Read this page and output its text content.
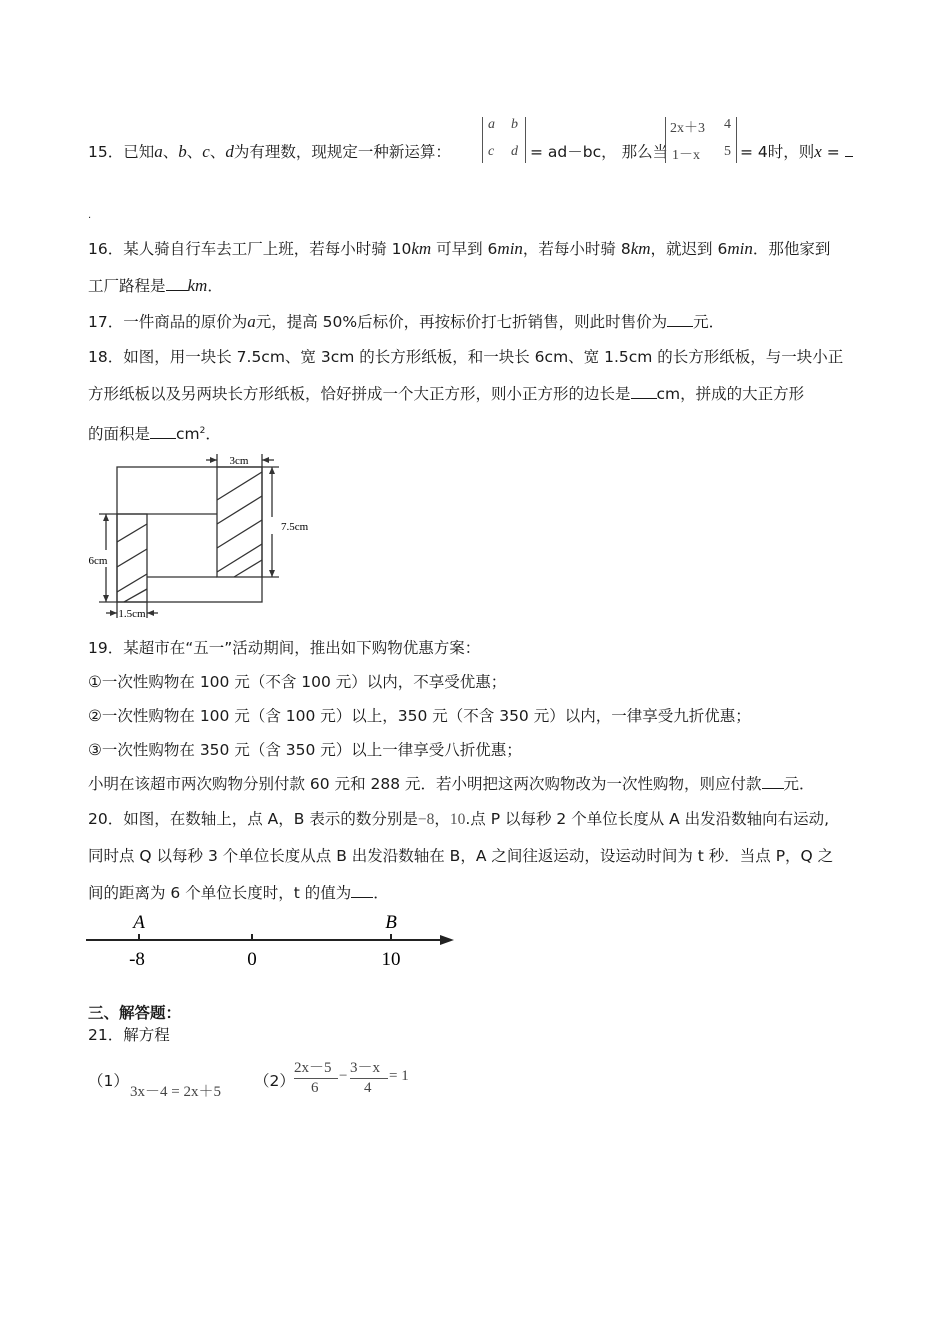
15．已知a、b、c、d为有理数，现规定一种新运算：
a b
c d = ad－bc， 那么当
2x＋3 4
1－x 5 = 4时，则x =
.
16．某人骑自行车去工厂上班，若每小时骑 10km 可早到 6min，若每小时骑 8km，就迟到 6min．那他家到
工厂路程是 km．
17．一件商品的原价为a元，提高 50%后标价，再按标价打七折销售，则此时售价为 元．
18．如图，用一块长 7.5cm、宽 3cm 的长方形纸板，和一块长 6cm、宽 1.5cm 的长方形纸板，与一块小正
方形纸板以及另两块长方形纸板，恰好拼成一个大正方形，则小正方形的边长是 cm，拼成的大正方形
的面积是 $cm^2$．
3cm
7.5cm
6cm
1.5cm
19．某超市在“五一”活动期间，推出如下购物优惠方案：
①一次性购物在 100 元（不含 100 元）以内，不享受优惠；
②一次性购物在 100 元（含 100 元）以上，350 元（不含 350 元）以内，一律享受九折优惠；
③一次性购物在 350 元（含 350 元）以上一律享受八折优惠；
小明在该超市两次购物分别付款 60 元和 288 元．若小明把这两次购物改为一次性购物，则应付款 元．
20．如图，在数轴上，点 A，B 表示的数分别是−8，10.点 P 以每秒 2 个单位长度从 A 出发沿数轴向右运动,
同时点 Q 以每秒 3 个单位长度从点 B 出发沿数轴在 B，A 之间往返运动，设运动时间为 t 秒．当点 P，Q 之
间的距离为 6 个单位长度时，t 的值为 ．
A	B
-8	0	10
三、解答题：
21．解方程
（1）
3x－4 = 2x＋5
（2）
2x－5
6
− 3－x
4
= 1
